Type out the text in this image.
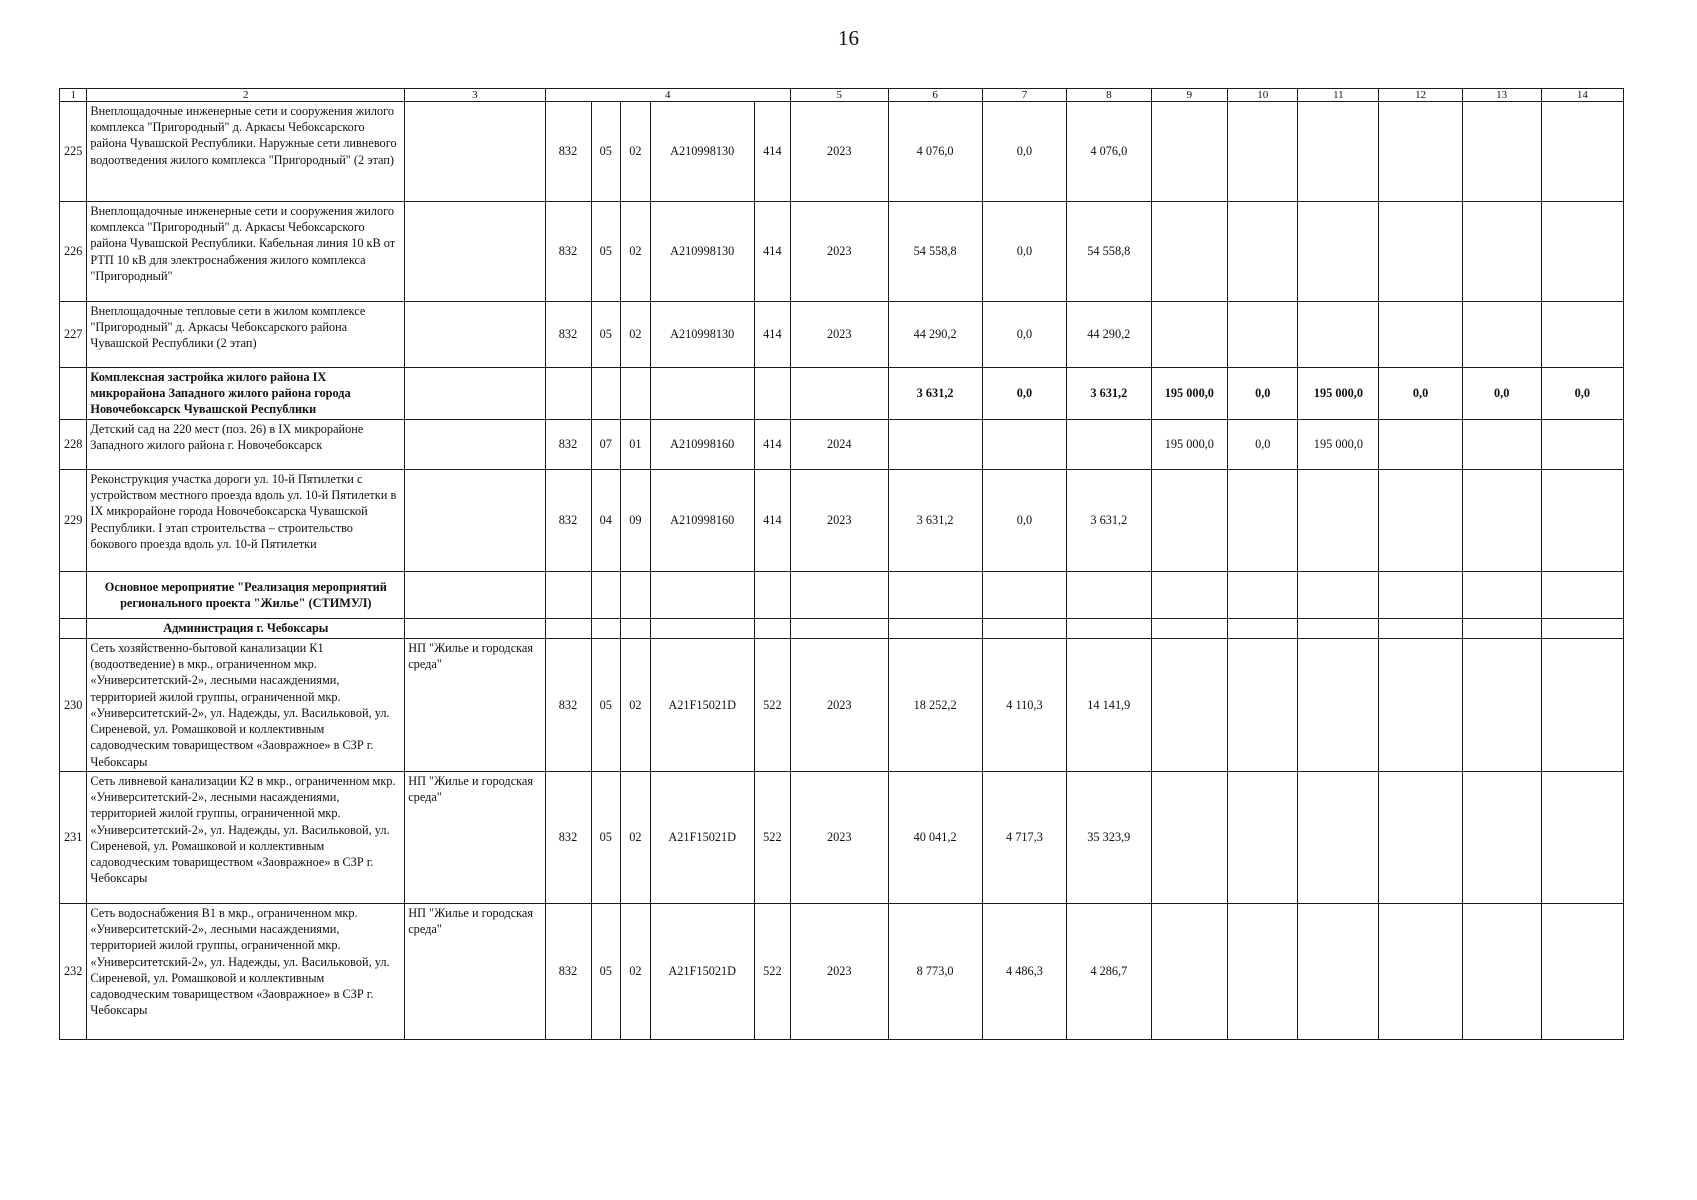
16
1	2	3	4					5	6	7	8	9	10	11	12	13	14
225	Внеплощадочные инженерные сети и сооружения жилого комплекса "Пригородный" д. Аркасы Чебоксарского района Чувашской Республики. Наружные сети ливневого водоотведения жилого комплекса "Пригородный" (2 этап)		832	05	02	А210998130	414	2023	4 076,0	0,0	4 076,0						
226	Внеплощадочные инженерные сети и сооружения жилого комплекса "Пригородный" д. Аркасы Чебоксарского района Чувашской Республики. Кабельная линия 10 кВ от РТП 10 кВ для электроснабжения жилого комплекса "Пригородный"		832	05	02	А210998130	414	2023	54 558,8	0,0	54 558,8						
227	Внеплощадочные тепловые сети в жилом комплексе "Пригородный" д. Аркасы Чебоксарского района Чувашской Республики (2 этап)		832	05	02	А210998130	414	2023	44 290,2	0,0	44 290,2						
	Комплексная застройка жилого района IX микрорайона Западного жилого района города Новочебоксарск Чувашской Республики								3 631,2	0,0	3 631,2	195 000,0	0,0	195 000,0	0,0	0,0	0,0
228	Детский сад на 220 мест (поз. 26) в IX микрорайоне Западного жилого района г. Новочебоксарск		832	07	01	А210998160	414	2024				195 000,0	0,0	195 000,0			
229	Реконструкция участка дороги ул. 10-й Пятилетки с устройством местного проезда вдоль ул. 10-й Пятилетки в IX микрорайоне города Новочебоксарска Чувашской Республики. I этап строительства – строительство бокового проезда вдоль ул. 10-й Пятилетки		832	04	09	А210998160	414	2023	3 631,2	0,0	3 631,2						
	Основное мероприятие "Реализация мероприятий регионального проекта "Жилье" (СТИМУЛ)																
	Администрация г. Чебоксары																
230	Сеть хозяйственно-бытовой канализации К1 (водоотведение) в мкр., ограниченном мкр. «Университетский-2», лесными насаждениями, территорией жилой группы, ограниченной мкр. «Университетский-2», ул. Надежды, ул. Васильковой, ул. Сиреневой, ул. Ромашковой и коллективным садоводческим товариществом «Заовражное» в СЗР г. Чебоксары	НП "Жилье и городская среда"	832	05	02	А21F15021D	522	2023	18 252,2	4 110,3	14 141,9						
231	Сеть ливневой канализации К2 в мкр., ограниченном мкр. «Университетский-2», лесными насаждениями, территорией жилой группы, ограниченной мкр. «Университетский-2», ул. Надежды, ул. Васильковой, ул. Сиреневой, ул. Ромашковой и коллективным садоводческим товариществом «Заовражное» в СЗР г. Чебоксары	НП "Жилье и городская среда"	832	05	02	А21F15021D	522	2023	40 041,2	4 717,3	35 323,9						
232	Сеть водоснабжения В1 в мкр., ограниченном мкр. «Университетский-2», лесными насаждениями, территорией жилой группы, ограниченной мкр. «Университетский-2», ул. Надежды, ул. Васильковой, ул. Сиреневой, ул. Ромашковой и коллективным садоводческим товариществом «Заовражное» в СЗР г. Чебоксары	НП "Жилье и городская среда"	832	05	02	А21F15021D	522	2023	8 773,0	4 486,3	4 286,7						
